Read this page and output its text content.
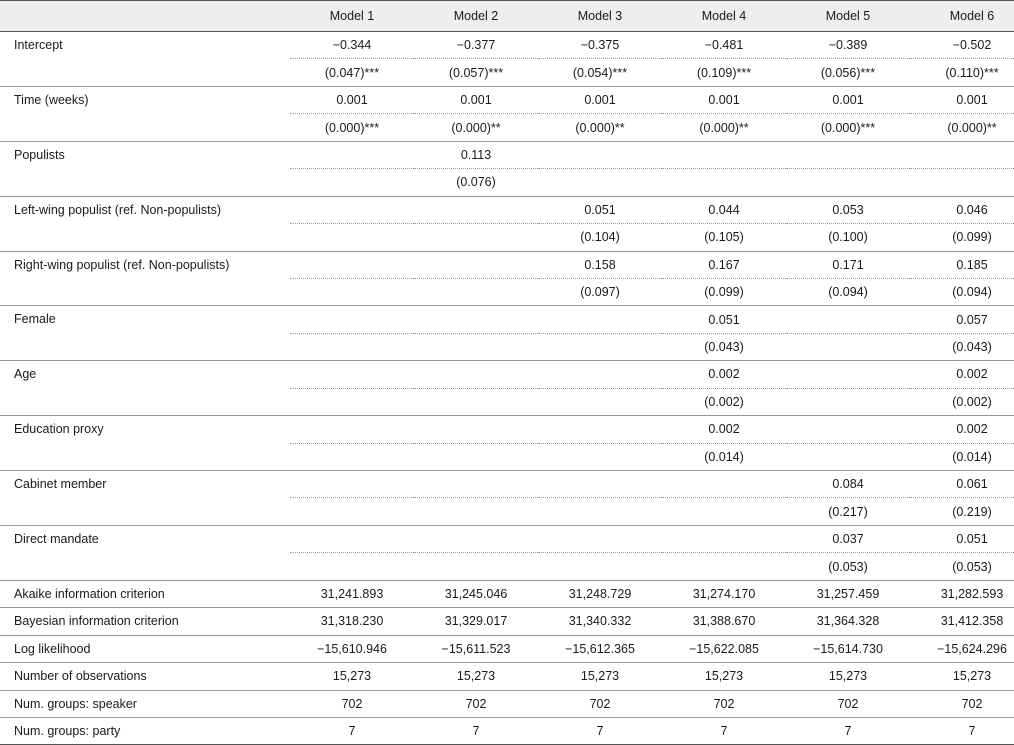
	Model 1	Model 2	Model 3	Model 4	Model 5	Model 6
Intercept	−0.344	−0.377	−0.375	−0.481	−0.389	−0.502
	(0.047)***	(0.057)***	(0.054)***	(0.109)***	(0.056)***	(0.110)***
Time (weeks)	0.001	0.001	0.001	0.001	0.001	0.001
	(0.000)***	(0.000)**	(0.000)**	(0.000)**	(0.000)***	(0.000)**
Populists		0.113				
		(0.076)				
Left-wing populist (ref. Non-populists)			0.051	0.044	0.053	0.046
			(0.104)	(0.105)	(0.100)	(0.099)
Right-wing populist (ref. Non-populists)			0.158	0.167	0.171	0.185
			(0.097)	(0.099)	(0.094)	(0.094)
Female				0.051		0.057
				(0.043)		(0.043)
Age				0.002		0.002
				(0.002)		(0.002)
Education proxy				0.002		0.002
				(0.014)		(0.014)
Cabinet member					0.084	0.061
					(0.217)	(0.219)
Direct mandate					0.037	0.051
					(0.053)	(0.053)
Akaike information criterion	31,241.893	31,245.046	31,248.729	31,274.170	31,257.459	31,282.593
Bayesian information criterion	31,318.230	31,329.017	31,340.332	31,388.670	31,364.328	31,412.358
Log likelihood	−15,610.946	−15,611.523	−15,612.365	−15,622.085	−15,614.730	−15,624.296
Number of observations	15,273	15,273	15,273	15,273	15,273	15,273
Num. groups: speaker	702	702	702	702	702	702
Num. groups: party	7	7	7	7	7	7
